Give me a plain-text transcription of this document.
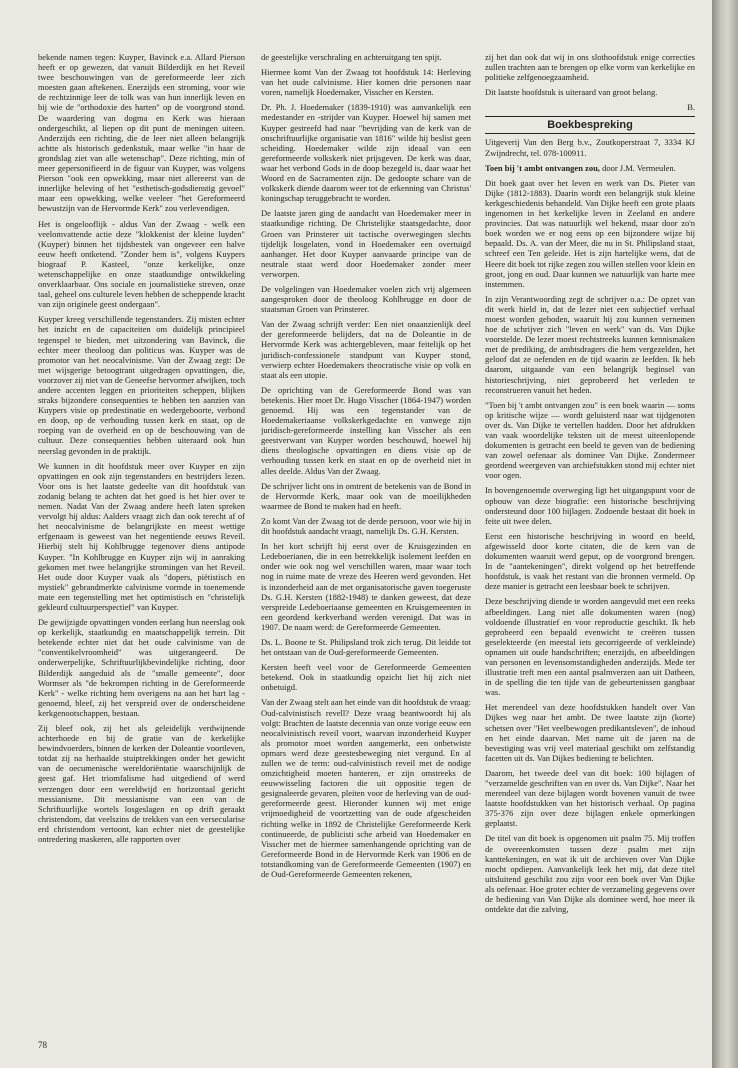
bekende namen tegen: Kuyper, Bavinck e.a. Allard Pierson heeft er op gewezen, dat vanuit Bilderdijk en het Reveil twee beschouwingen van de gereformeerde leer zich moesten gaan aftekenen. Enerzijds een stroming, voor wie de rechtzinnige leer de tolk was van hun innerlijk leven en bij wie de "orthodoxie des harten" op de voorgrond stond. De waardering van dogma en Kerk was hieraan ondergeschikt, al liepen op dit punt de meningen uiteen. Anderzijds een richting, die de leer niet alleen belangrijk achtte als historisch gedenkstuk, maar welke "in haar de grondslag ziet van alle wetenschap". Deze richting, min of meer gepersonifieerd in de figuur van Kuyper, was volgens Pierson "ook een opwekking, maar niet allereerst van de innerlijke beleving of het "esthetisch-godsdienstig gevoel" maar een opwekking, welke veeleer "het Gereformeerd bewustzijn van de Hervormde Kerk" zou verlevendigen.

Het is ongelooflijk - aldus Van der Zwaag - welk een veelomvattende actie deze "klokkenist der kleine luyden" (Kuyper) binnen het tijdsbestek van ongeveer een halve eeuw heeft ontketend. "Zonder hem is", volgens Kuypers biograaf P. Kasteel, "onze kerkelijke, onze wetenschappelijke en onze staatkundige ontwikkeling onverklaarbaar. Ons sociale en journalistieke streven, onze taal, geheel ons culturele leven hebben de scheppende kracht van zijn originele geest ondergaan".

Kuyper kreeg verschillende tegenstanders. Zij misten echter het inzicht en de capaciteiten om duidelijk principieel tegenspel te bieden, met uitzondering van Bavinck, die echter meer theoloog dan politicus was. Kuyper was de promotor van het neocalvinisme. Van der Zwaag zegt: De met wijsgerige betoogtrant uitgedragen opvattingen, die, voorzover zij niet van de Geneefse hervormer afwijken, toch andere accenten leggen en prioriteiten scheppen, blijken straks bijzondere consequenties te hebben ten aanzien van Kuypers visie op predestinatie en wedergeboorte, verbond en doop, op de verhouding tussen kerk en staat, op de roeping van de overheid en op de beschouwing van de cultuur. Deze consequenties hebben uiteraard ook hun neerslag gevonden in de praktijk.

We kunnen in dit hoofdstuk meer over Kuyper en zijn opvattingen en ook zijn tegenstanders en bestrijders lezen. Voor ons is het laatste gedeelte van dit hoofdstuk van zodanig belang te achten dat het goed is het hier over te nemen. Nadat Van der Zwaag andere heeft laten spreken vervolgt hij aldus: Aalders vraagt zich dan ook terecht af of het neocalvinisme de belangrijkste en meest wettige erfgenaam is geweest van het negentiende eeuws Reveil. Hierbij stelt hij Kohlbrugge tegenover diens antipode Kuyper. "In Kohlbrugge en Kuyper zijn wij in aanraking gekomen met twee belangrijke stromingen van het Reveil. Het oude door Kuyper vaak als "dopers, piëtistisch en mystiek" gebrandmerkte calvinisme vormde in toenemende mate een tegenstelling met het optimistisch en "christelijk gekleurd cultuurperspectief" van Kuyper.

De gewijzigde opvattingen vonden eerlang hun neerslag ook op kerkelijk, staatkundig en maatschappelijk terrein. Dit betekende echter niet dat het oude calvinisme van de "conventikelvroomheid" was uitgerangeerd. De onderwerpelijke, Schriftuurlijkbevindelijke richting, door Bilderdijk aangeduid als de "smalle gemeente", door Wormser als "de bekrompen richting in de Gereformeerde Kerk" - welke richting hem overigens na aan het hart lag - genoemd, bleef, zij het verspreid over de onderscheidene kerkgenootschappen, bestaan.

Zij bleef ook, zij het als geleidelijk verdwijnende achterhoede en bij de gratie van de kerkelijke bewindvoerders, binnen de kerken der Doleantie voortleven, totdat zij na herhaalde stuiptrekkingen onder het gewicht van de oecumenische wereldoriëntatie waarschijnlijk de geest gaf. Het triomfalisme had uitgediend of werd verzengen door een wereldwijd en horizontaal gericht messianisme. Dit messianisme van een van de Schriftuurlijke wortels losgeslagen en op drift geraakt christendom, dat veelszins de trekken van een versecularise erd christendom vertoont, kan echter niet de geestelijke ontredering maskeren, alle rapporten over

de geestelijke verschraling en achteruitgang ten spijt.

Hiermee komt Van der Zwaag tot hoofdstuk 14: Herleving van het oude calvinisme. Hier komen drie personen naar voren, namelijk Hoedemaker, Visscher en Kersten.

Dr. Ph. J. Hoedemaker (1839-1910) was aanvankelijk een medestander en -strijder van Kuyper. Hoewel hij samen met Kuyper gestreefd had naar "bevrijding van de kerk van de onschriftuurlijke organisatie van 1816" wilde hij beslist geen scheiding. Hoedemaker wilde zijn ideaal van een gereformeerde volkskerk niet prijsgeven. De kerk was daar, waar het verbond Gods in de doop bezegeld is, daar waar het Woord en de Sacramenten zijn. De gedoopte schare van de volkskerk diende daarom weer tot de erkenning van Christus' koningschap teruggebracht te worden.

De laatste jaren ging de aandacht van Hoedemaker meer in staatkundige richting. De Christelijke staatsgedachte, door Groen van Prinsterer uit tactische overwegingen slechts tijdelijk losgelaten, vond in Hoedemaker een overtuigd aanhanger. Het door Kuyper aanvaarde principe van de neutrale staat werd door Hoedemaker zonder meer verworpen.

De volgelingen van Hoedemaker voelen zich vrij algemeen aangesproken door de theoloog Kohlbrugge en door de staatsman Groen van Prinsterer.

Van der Zwaag schrijft verder: Een niet onaanzienlijk deel der gereformeerde belijders, dat na de Doleantie in de Hervormde Kerk was achtergebleven, maar feitelijk op het juridisch-confessionele standpunt van Kuyper stond, verwierp echter Hoedemakers theocratische visie op volk en staat als een utopie.

De oprichting van de Gereformeerde Bond was van betekenis. Hier moet Dr. Hugo Visscher (1864-1947) worden genoemd. Hij was een tegenstander van de Hoedemakeriaanse volkskerkgedachte en vanwege zijn juridisch-gereformeerde instelling kan Visscher als een geestverwant van Kuyper worden beschouwd, hoewel hij diens theologische opvattingen en diens visie op de verhouding tussen kerk en staat en op de overheid niet in alles deelde. Aldus Van der Zwaag.

De schrijver licht ons in omtrent de betekenis van de Bond in de Hervormde Kerk, maar ook van de moeilijkheden waarmee de Bond te maken had en heeft.

Zo komt Van der Zwaag tot de derde persoon, voor wie hij in dit hoofdstuk aandacht vraagt, namelijk Ds. G.H. Kersten.

In het kort schrijft hij eerst over de Kruisgezinden en Ledeboerianen, die in een betrekkelijk isolement leefden en onder wie ook nog wel verschillen waren, maar waar toch nog in ruime mate de vreze des Heeren werd gevonden. Het is inzonderheid aan de met organisatorische gaven toegeruste Ds. G.H. Kersten (1882-1948) te danken geweest, dat deze verspreide Ledeboeriaanse gemeenten en Kruisgemeenten in een geordend kerkverband werden verenigd. Dat was in 1907. De naam werd: de Gereformeerde Gemeenten.

Ds. L. Boone te St. Philipsland trok zich terug. Dit leidde tot het ontstaan van de Oud-gereformeerde Gemeenten.

Kersten heeft veel voor de Gereformeerde Gemeenten betekend. Ook in staatkundig opzicht liet hij zich niet onbetuigd.

Van der Zwaag stelt aan het einde van dit hoofdstuk de vraag: Oud-calvinistisch revell? Deze vraag beantwoordt hij als volgt: Brachten de laatste decennia van onze vorige eeuw een neocalvinistisch reveil voort, waarvan inzonderheid Kuyper als promotor moet worden aangemerkt, een onbetwiste opmars werd deze geestesbeweging niet vergund. En al zullen we de term: oud-calvinistisch reveil met de nodige omzichtigheid moeten hanteren, er zijn omstreeks de eeuwwisseling factoren die uit oppositie tegen de gesignaleerde gevaren, pleiten voor de herleving van de oud-gereformeerde geest. Hieronder kunnen wij met enige vrijmoedigheid de voortzetting van de oude afgescheiden richting welke in 1892 de Christelijke Gereformeerde Kerk continueerde, de publicisti sche arbeid van Hoedemaker en Visscher met de hiermee samenhangende oprichting van de Gereformeerde Bond in de Hervormde Kerk van 1906 en de totstandkoming van de Gereformeerde Gemeenten (1907) en de Oud-Gereformeerde Gemeenten rekenen,

zij het dan ook dat wij in ons slothoofdstuk enige correcties zullen trachten aan te brengen op elke vorm van kerkelijke en politieke zelfgenoegzaamheid.

Dit laatste hoofdstuk is uiteraard van groot belang.

B.
Boekbespreking

Uitgeverij Van den Berg b.v., Zoutkoperstraat 7, 3334 KJ Zwijndrecht, tel. 078-100911.

Toen bij 't ambt ontvangen zou, door J.M. Vermeulen.

Dit boek gaat over het leven en werk van Ds. Pieter van Dijke (1812-1883). Daarin wordt een belangrijk stuk kleine kerkgeschiedenis behandeld. Van Dijke heeft een grote plaats ingenomen in het kerkelijke leven in Zeeland en andere provincies. Dat was natuurlijk wel bekend, maar door zo'n boek worden we er nog eens op een bijzondere wijze bij bepaald. Ds. A. van der Meer, die nu in St. Philipsland staat, schreef een Ten geleide. Het is zijn hartelijke wens, dat de Heere dit boek tot rijke zegen zou willen stellen voor klein en groot, jong en oud. Daar kunnen we natuurlijk van harte mee instemmen.

In zijn Verantwoording zegt de schrijver o.a.: De opzet van dit werk hield in, dat de lezer niet een subjectief verhaal moest worden geboden, waaruit hij zou kunnen vernemen hoe de schrijver zich "leven en werk" van ds. Van Dijke voorstelde. De lezer moest rechtstreeks kunnen kennismaken met de prediking, de ambtsdragers die hem vergezelden, het geloof dat ze oefenden en de tijd waarin ze leefden. Ik heb daarom, uitgaande van een belangrijk beginsel van historieschrijving, niet geprobeerd het verleden te reconstrueren vanuit het heden.

"Toen bij 't ambt ontvangen zou" is een boek waarin — soms op kritische wijze — wordt geluisterd naar wat tijdgenoten over ds. Van Dijke te vertellen hadden. Door het afdrukken van vaak woordelijke teksten uit de meest uiteenlopende dokumenten is getracht een beeld te geven van de bediening van zowel oefenaar als dominee Van Dijke. Zondermeer geordend weergeven van archiefstukken stond mij echter niet voor ogen.

In bovengenoemde overweging ligt het uitgangspunt voor de opbouw van deze biografie: een historische beschrijving ondersteund door 100 bijlagen. Zodoende bestaat dit boek in feite uit twee delen.

Eerst een historische beschrijving in woord en beeld, afgewisseld door korte citaten, die de kern van de dokumenten waaruit werd geput, op de voorgrond brengen. In de "aantekeningen", direkt volgend op het betreffende hoofdstuk, is vaak het restant van die bronnen vermeld. Op deze manier is getracht een leesbaar boek te schrijven.

Deze beschrijving diende te worden aangevuld met een reeks afbeeldingen. Lang niet alle dokumenten waren (nog) voldoende illustratief en voor reproductie geschikt. Ik heb geprobeerd een bepaald evenwicht te creëren tussen geselekteerde (en meestal iets gecorrigeerde of verkleinde) opnamen uit oude handschriften; enerzijds, en afbeeldingen van personen en levensomstandigheden anderzijds. Mede ter illustratie treft men een aantal psalmverzen aan uit Datheen, in de spelling die ten tijde van de gebeurtenissen gangbaar was.

Het merendeel van deze hoofdstukken handelt over Van Dijkes weg naar het ambt. De twee laatste zijn (korte) schetsen over "Het veelbewogen predikantsleven", de inhoud en het einde daarvan. Met name uit de jaren na de bevestiging was vrij veel materiaal geschikt om zelfstandig facetten uit ds. Van Dijkes bediening te belichten.

Daarom, het tweede deel van dit boek: 100 bijlagen of "verzamelde geschriften van en over ds. Van Dijke". Naar het merendeel van deze bijlagen wordt bovenen vanuit de twee laatste hoofdstukken van het historisch verhaal. Op pagina 375-376 zijn over deze bijlagen enkele opmerkingen geplaatst.

De titel van dit boek is opgenomen uit psalm 75. Mij troffen de overeenkomsten tussen deze psalm met zijn kanttekeningen, en wat ik uit de archieven over Van Dijke mocht opdiepen. Aanvankelijk leek het mij, dat deze titel uitsluitend geschikt zou zijn voor een boek over Van Dijke als oefenaar. Hoe groter echter de verzameling gegevens over de bediening van Van Dijke als dominee werd, hoe meer ik ontdekte dat die zalving,

78
